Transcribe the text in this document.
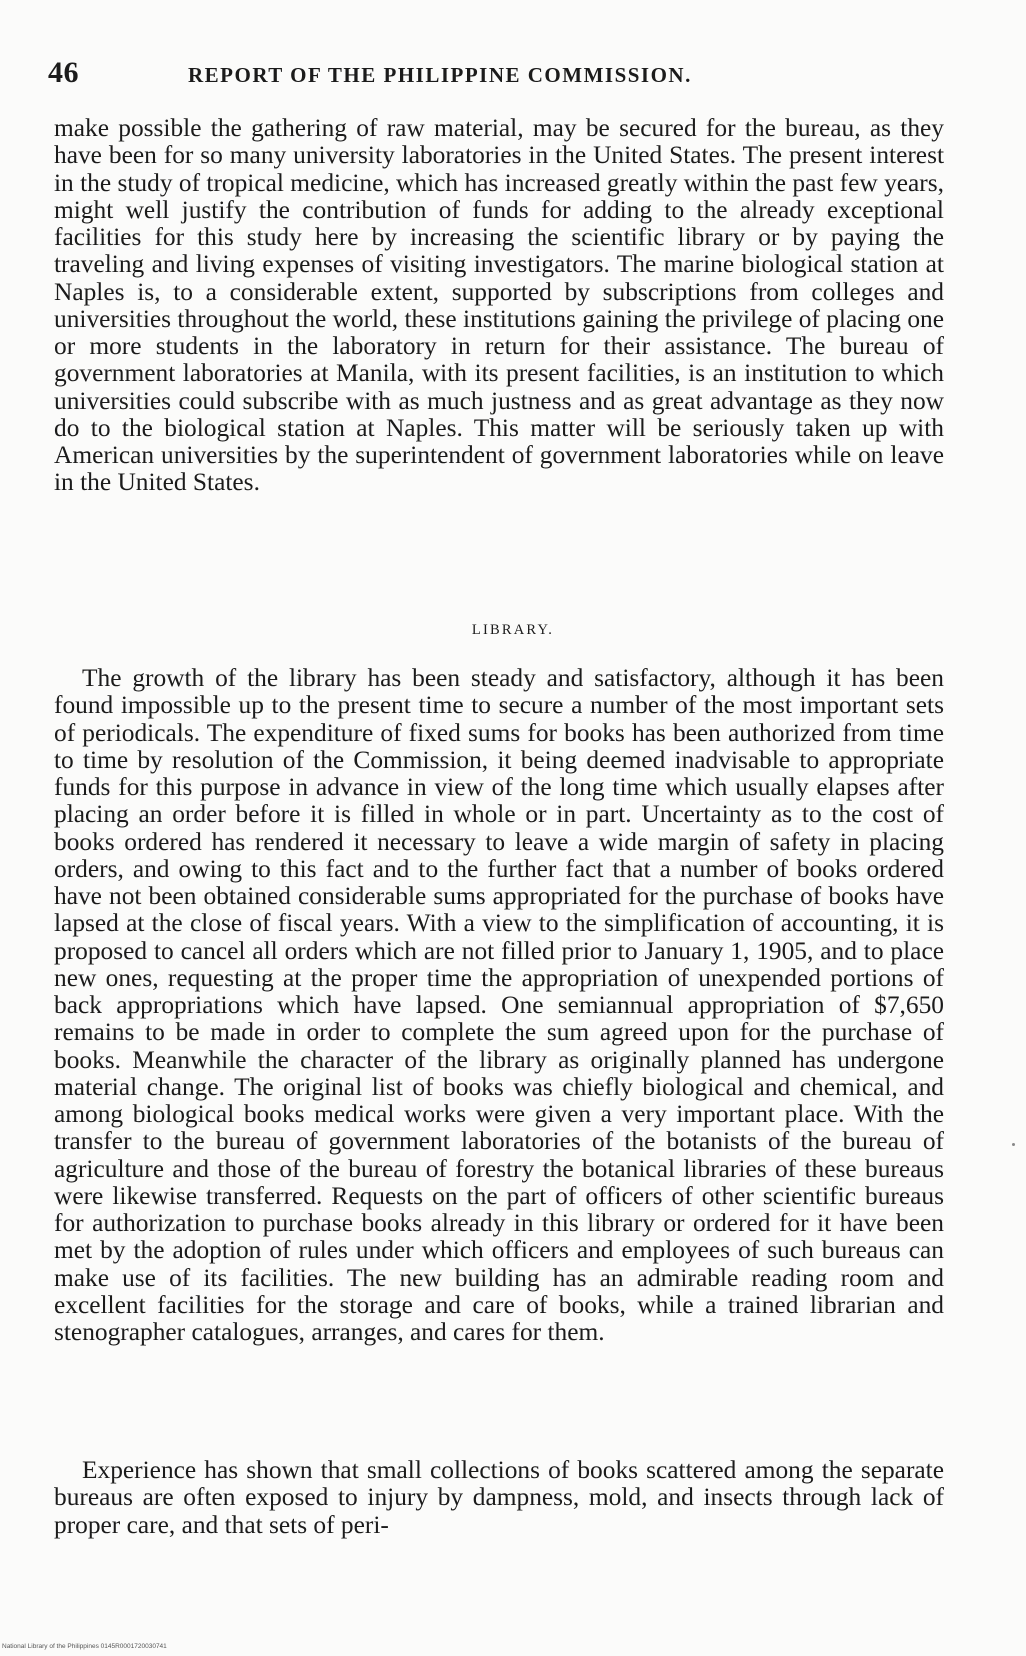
46	REPORT OF THE PHILIPPINE COMMISSION.

make possible the gathering of raw material, may be secured for the bureau, as they have been for so many university laboratories in the United States. The present interest in the study of tropical medicine, which has increased greatly within the past few years, might well justify the contribution of funds for adding to the already exceptional facilities for this study here by increasing the scientific library or by paying the traveling and living expenses of visiting investigators. The marine biological station at Naples is, to a considerable extent, supported by subscriptions from colleges and universities throughout the world, these institutions gaining the privilege of placing one or more students in the laboratory in return for their assistance. The bureau of government laboratories at Manila, with its present facilities, is an institution to which universities could subscribe with as much justness and as great advantage as they now do to the biological station at Naples. This matter will be seriously taken up with American universities by the superintendent of government laboratories while on leave in the United States.

LIBRARY.

The growth of the library has been steady and satisfactory, although it has been found impossible up to the present time to secure a number of the most important sets of periodicals. The expenditure of fixed sums for books has been authorized from time to time by resolution of the Commission, it being deemed inadvisable to appropriate funds for this purpose in advance in view of the long time which usually elapses after placing an order before it is filled in whole or in part. Uncertainty as to the cost of books ordered has rendered it necessary to leave a wide margin of safety in placing orders, and owing to this fact and to the further fact that a number of books ordered have not been obtained considerable sums appropriated for the purchase of books have lapsed at the close of fiscal years. With a view to the simplification of accounting, it is proposed to cancel all orders which are not filled prior to January 1, 1905, and to place new ones, requesting at the proper time the appropriation of unexpended portions of back appropriations which have lapsed. One semiannual appropriation of $7,650 remains to be made in order to complete the sum agreed upon for the purchase of books. Meanwhile the character of the library as originally planned has undergone material change. The original list of books was chiefly biological and chemical, and among biological books medical works were given a very important place. With the transfer to the bureau of government laboratories of the botanists of the bureau of agriculture and those of the bureau of forestry the botanical libraries of these bureaus were likewise transferred. Requests on the part of officers of other scientific bureaus for authorization to purchase books already in this library or ordered for it have been met by the adoption of rules under which officers and employees of such bureaus can make use of its facilities. The new building has an admirable reading room and excellent facilities for the storage and care of books, while a trained librarian and stenographer catalogues, arranges, and cares for them.

Experience has shown that small collections of books scattered among the separate bureaus are often exposed to injury by dampness, mold, and insects through lack of proper care, and that sets of peri-

National Library of the Philippines 0145R0001720030741
